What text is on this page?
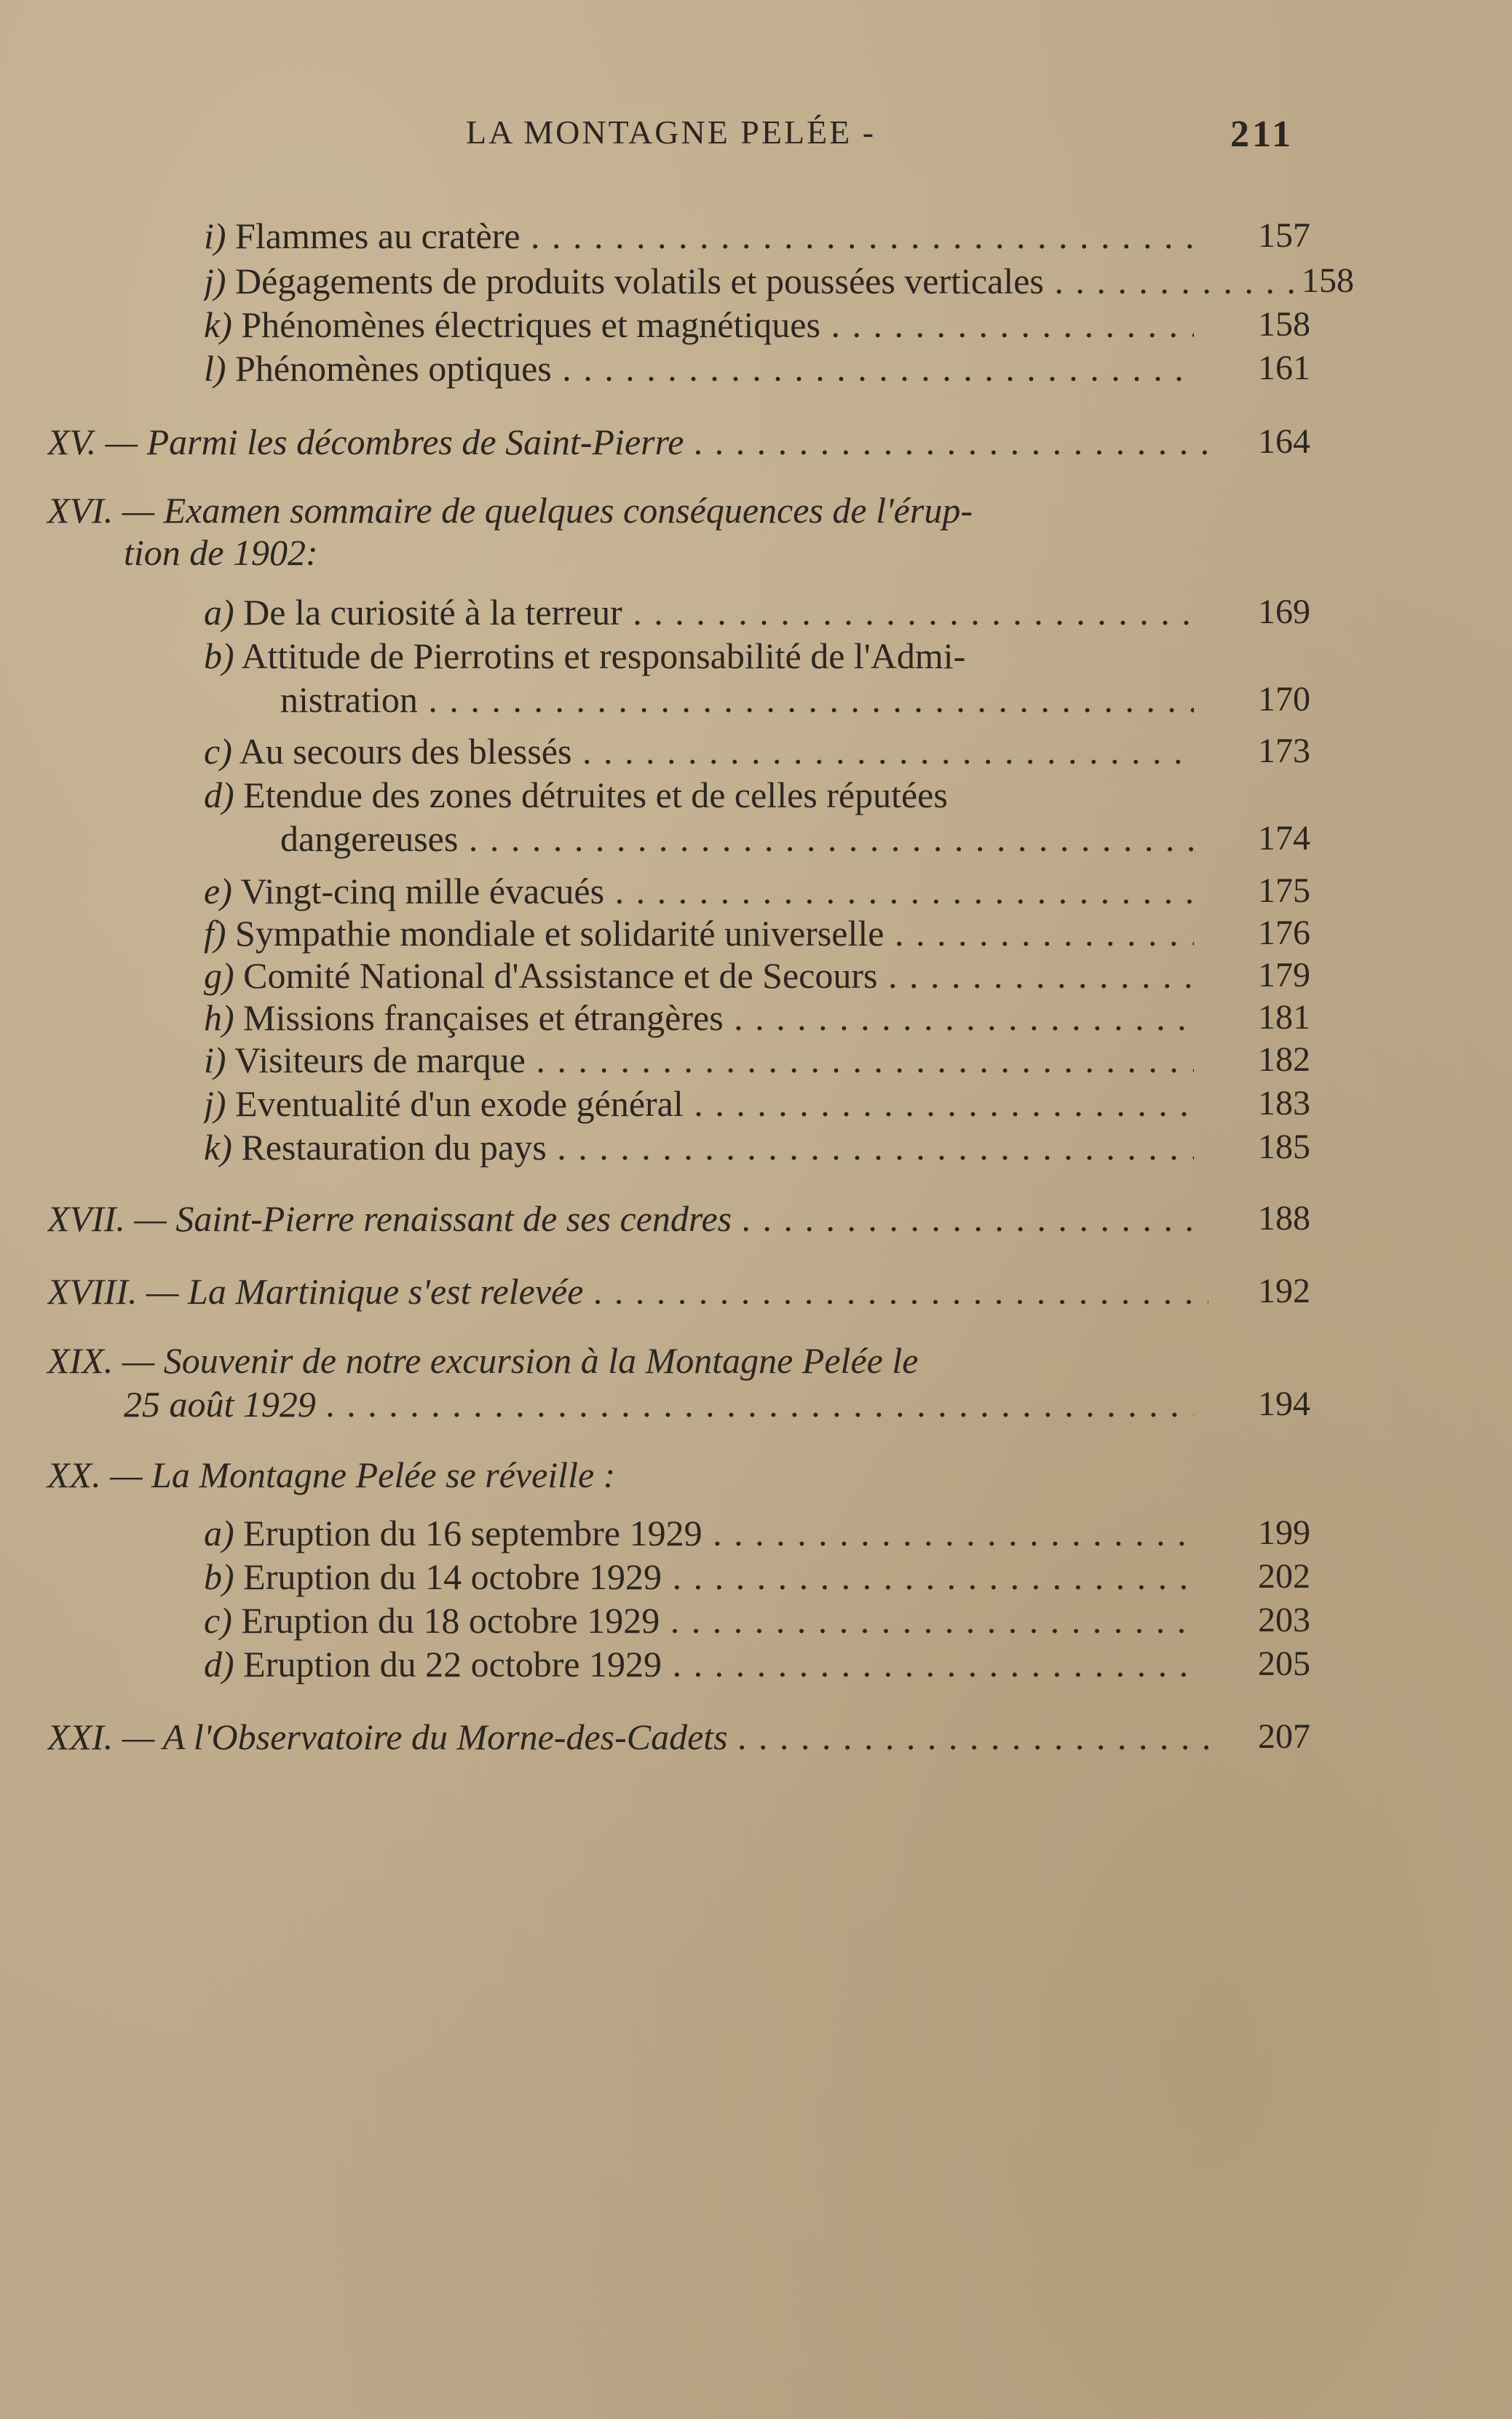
LA MONTAGNE PELÉE -	211
i) Flammes au cratère . . .	157
j) Dégagements de produits volatils et poussées verticales . . .	158
k) Phénomènes électriques et magnétiques . . .	158
l) Phénomènes optiques . . .	161
XV. — Parmi les décombres de Saint-Pierre . . .	164
XVI. — Examen sommaire de quelques conséquences de l'érup-
tion de 1902:
a) De la curiosité à la terreur . . .	169
b) Attitude de Pierrotins et responsabilité de l'Admi-
nistration . . .	170
c) Au secours des blessés . . .	173
d) Etendue des zones détruites et de celles réputées
dangereuses . . .	174
e) Vingt-cinq mille évacués . . .	175
f) Sympathie mondiale et solidarité universelle . . .	176
g) Comité National d'Assistance et de Secours . . .	179
h) Missions françaises et étrangères . . .	181
i) Visiteurs de marque . . .	182
j) Eventualité d'un exode général . . .	183
k) Restauration du pays . . .	185
XVII. — Saint-Pierre renaissant de ses cendres . . .	188
XVIII. — La Martinique s'est relevée . . .	192
XIX. — Souvenir de notre excursion à la Montagne Pelée le
25 août 1929 . . .	194
XX. — La Montagne Pelée se réveille :
a) Eruption du 16 septembre 1929 . . .	199
b) Eruption du 14 octobre 1929 . . .	202
c) Eruption du 18 octobre 1929 . . .	203
d) Eruption du 22 octobre 1929 . . .	205
XXI. — A l'Observatoire du Morne-des-Cadets . . .	207
